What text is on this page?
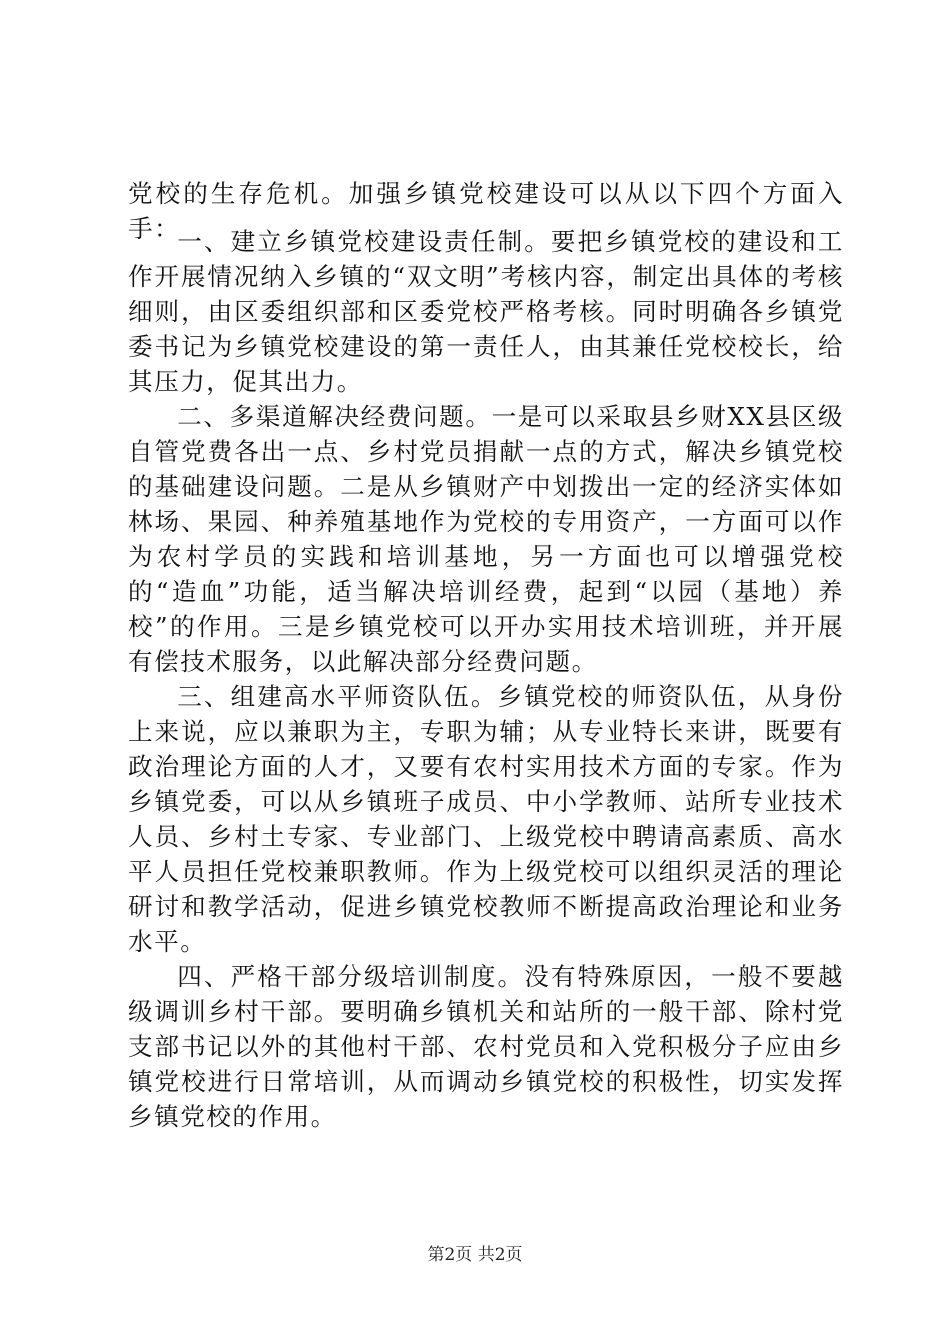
党校的生存危机。加强乡镇党校建设可以从以下四个方面入手：

一、建立乡镇党校建设责任制。要把乡镇党校的建设和工作开展情况纳入乡镇的“双文明”考核内容，制定出具体的考核细则，由区委组织部和区委党校严格考核。同时明确各乡镇党委书记为乡镇党校建设的第一责任人，由其兼任党校校长，给其压力，促其出力。

二、多渠道解决经费问题。一是可以采取县乡财XX县区级自管党费各出一点、乡村党员捐献一点的方式，解决乡镇党校的基础建设问题。二是从乡镇财产中划拨出一定的经济实体如林场、果园、种养殖基地作为党校的专用资产，一方面可以作为农村学员的实践和培训基地，另一方面也可以增强党校的“造血”功能，适当解决培训经费，起到“以园（基地）养校”的作用。三是乡镇党校可以开办实用技术培训班，并开展有偿技术服务，以此解决部分经费问题。

三、组建高水平师资队伍。乡镇党校的师资队伍，从身份上来说，应以兼职为主，专职为辅；从专业特长来讲，既要有政治理论方面的人才，又要有农村实用技术方面的专家。作为乡镇党委，可以从乡镇班子成员、中小学教师、站所专业技术人员、乡村土专家、专业部门、上级党校中聘请高素质、高水平人员担任党校兼职教师。作为上级党校可以组织灵活的理论研讨和教学活动，促进乡镇党校教师不断提高政治理论和业务水平。

四、严格干部分级培训制度。没有特殊原因，一般不要越级调训乡村干部。要明确乡镇机关和站所的一般干部、除村党支部书记以外的其他村干部、农村党员和入党积极分子应由乡镇党校进行日常培训，从而调动乡镇党校的积极性，切实发挥乡镇党校的作用。

第2页 共2页
